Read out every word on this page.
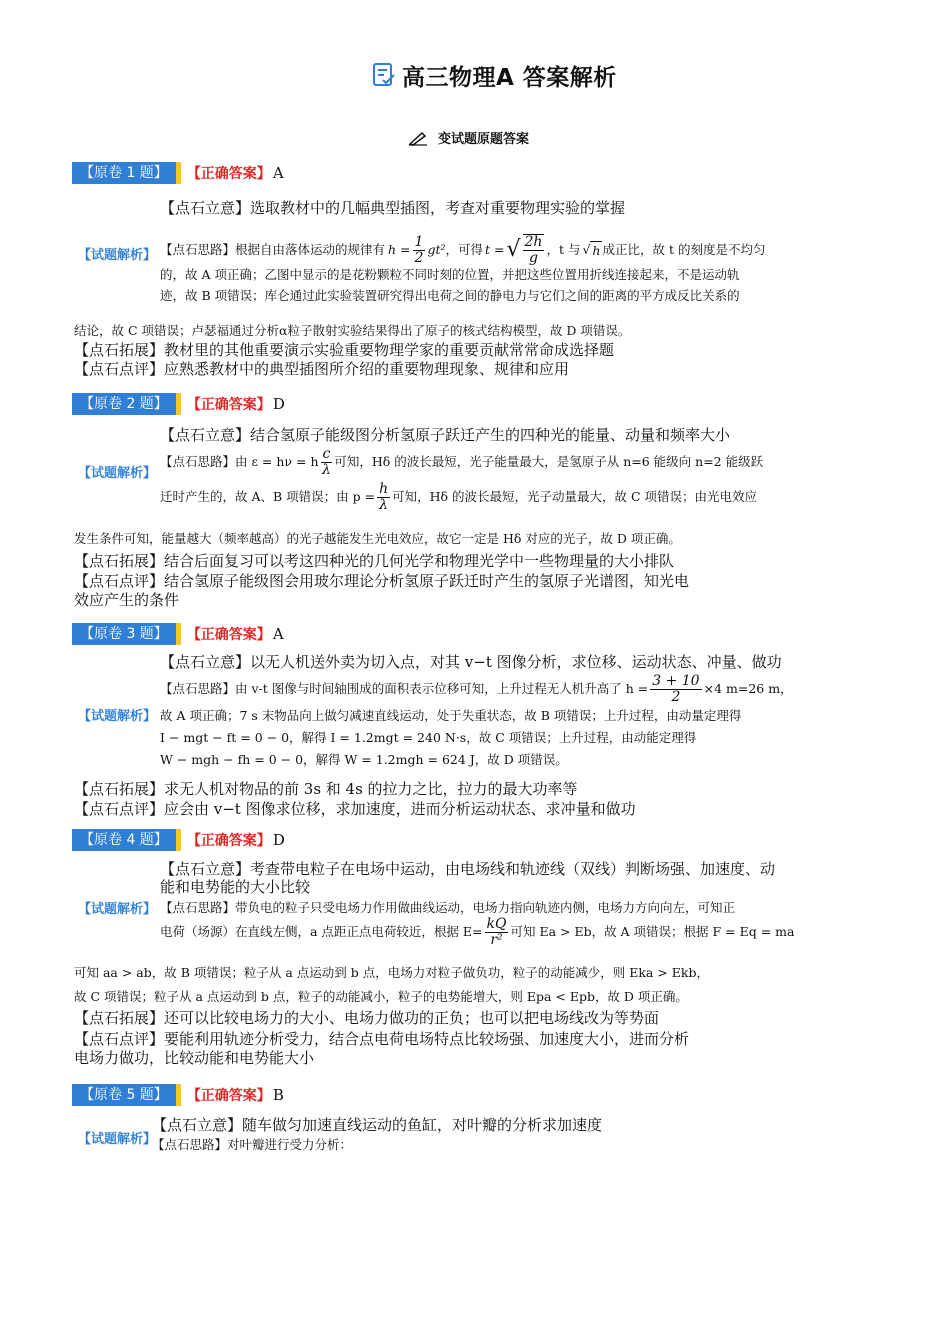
高三物理A 答案解析
变试题原题答案
【原卷 1 题】	【正确答案】 A
【点石立意】选取教材中的几幅典型插图，考查对重要物理实验的掌握
【试题解析】 【点石思路】根据自由落体运动的规律有 $h = \frac{1}{2} gt^2$ ，可得 t = √ $\frac{2h}{g}$ ，t 与 √ h 成正比，故 t 的刻度是不均匀
的，故 A 项正确；乙图中显示的是花粉颗粒不同时刻的位置，并把这些位置用折线连接起来，不是运动轨
迹，故 B 项错误；库仑通过此实验装置研究得出电荷之间的静电力与它们之间的距离的平方成反比关系的
结论，故 C 项错误；卢瑟福通过分析α粒子散射实验结果得出了原子的核式结构模型，故 D 项错误。
【点石拓展】教材里的其他重要演示实验重要物理学家的重要贡献常常命成选择题
【点石点评】应熟悉教材中的典型插图所介绍的重要物理现象、规律和应用
【原卷 2 题】	【正确答案】 D
【点石立意】结合氢原子能级图分析氢原子跃迁产生的四种光的能量、动量和频率大小
【试题解析】
【点石思路】由 ε = hν = h $\frac{c}{\lambda}$ 可知，Hδ 的波长最短，光子能量最大，是氢原子从 n=6 能级向 n=2 能级跃
迁时产生的，故 A、B 项错误；由 $p = \frac{h}{\lambda}$ 可知，Hδ 的波长最短，光子动量最大，故 C 项错误；由光电效应
发生条件可知，能量越大（频率越高）的光子越能发生光电效应，故它一定是 Hδ 对应的光子，故 D 项正确。
【点石拓展】结合后面复习可以考这四种光的几何光学和物理光学中一些物理量的大小排队
【点石点评】结合氢原子能级图会用玻尔理论分析氢原子跃迁时产生的氢原子光谱图，知光电
效应产生的条件
【原卷 3 题】	【正确答案】 A
【点石立意】以无人机送外卖为切入点，对其 v−t 图像分析，求位移、运动状态、冲量、做功
【试题解析】
【点石思路】由 v-t 图像与时间轴围成的面积表示位移可知，上升过程无人机升高了 $h = \frac{3 + 10}{2} \times 4$ m=26 m，
故 A 项正确；7 s 末物品向上做匀减速直线运动，处于失重状态，故 B 项错误；上升过程，由动量定理得
I − mgt − ft = 0 − 0，解得 I = 1.2mgt = 240 N·s，故 C 项错误；上升过程，由动能定理得
W − mgh − fh = 0 − 0，解得 W = 1.2mgh = 624 J，故 D 项错误。
【点石拓展】求无人机对物品的前 3s 和 4s 的拉力之比，拉力的最大功率等
【点石点评】应会由 v−t 图像求位移，求加速度，进而分析运动状态、求冲量和做功
【原卷 4 题】	【正确答案】 D
【点石立意】考查带电粒子在电场中运动，由电场线和轨迹线（双线）判断场强、加速度、动
能和电势能的大小比较
【试题解析】 【点石思路】带负电的粒子只受电场力作用做曲线运动，电场力指向轨迹内侧，电场力方向向左，可知正
电荷（场源）在直线左侧，a 点距正点电荷较近，根据 $E= \frac{kQ}{\text{r²}}$ 可知 Ea > Eb，故 A 项错误；根据 F = Eq = ma
可知 aa > ab，故 B 项错误；粒子从 a 点运动到 b 点，电场力对粒子做负功，粒子的动能减少，则 Eka > Ekb，
故 C 项错误；粒子从 a 点运动到 b 点，粒子的动能减小，粒子的电势能增大，则 Epa < Epb，故 D 项正确。
【点石拓展】还可以比较电场力的大小、电场力做功的正负；也可以把电场线改为等势面
【点石点评】要能利用轨迹分析受力，结合点电荷电场特点比较场强、加速度大小，进而分析
电场力做功，比较动能和电势能大小
【原卷 5 题】	【正确答案】 B
【试题解析】
【点石立意】随车做匀加速直线运动的鱼缸，对叶瓣的分析求加速度
【点石思路】对叶瓣进行受力分析：
